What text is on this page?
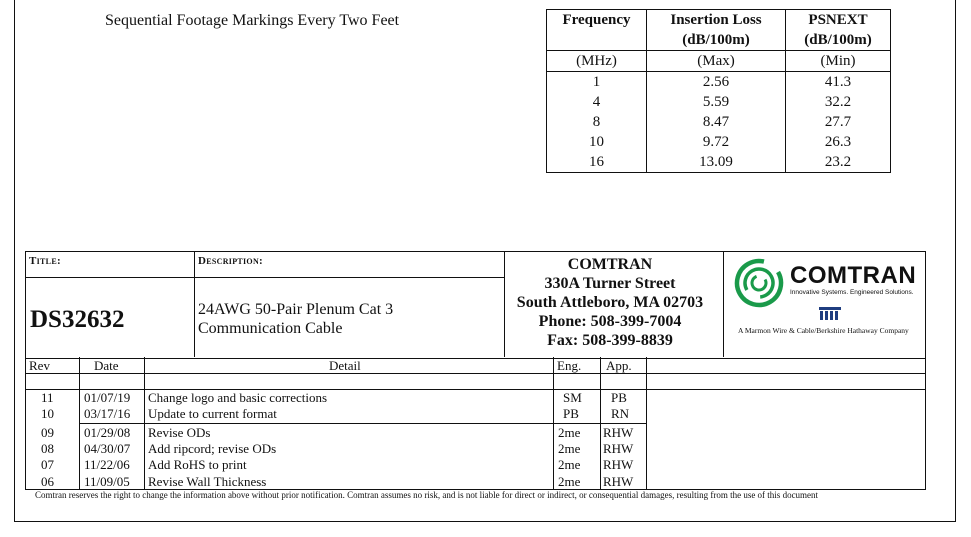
Sequential Footage Markings Every Two Feet	Frequency	Insertion Loss	PSNEXT
	(dB/100m)	(dB/100m)
(MHz)	(Max)	(Min)
1	2.56	41.3
4	5.59	32.2
8	8.47	27.7
10	9.72	26.3
16	13.09	23.2
Title:	Description:
DS32632	24AWG 50-Pair Plenum Cat 3
Communication Cable
COMTRAN
330A Turner Street
South Attleboro, MA 02703
Phone: 508-399-7004
Fax: 508-399-8839
COMTRAN
Innovative Systems. Engineered Solutions.
A Marmon Wire & Cable/Berkshire Hathaway Company
Rev	Date	Detail	Eng. App.
11 01/07/19 Change logo and basic corrections	SM PB
10 03/17/16 Update to current format	PB RN
09 01/29/08 Revise ODs	2me RHW
08 04/30/07 Add ripcord; revise ODs	2me RHW
07 11/22/06 Add RoHS to print	2me RHW
06 11/09/05 Revise Wall Thickness	2me RHW
Comtran reserves the right to change the information above without prior notification. Comtran assumes no risk, and is not liable for direct or indirect, or consequential damages, resulting from the use of this document
